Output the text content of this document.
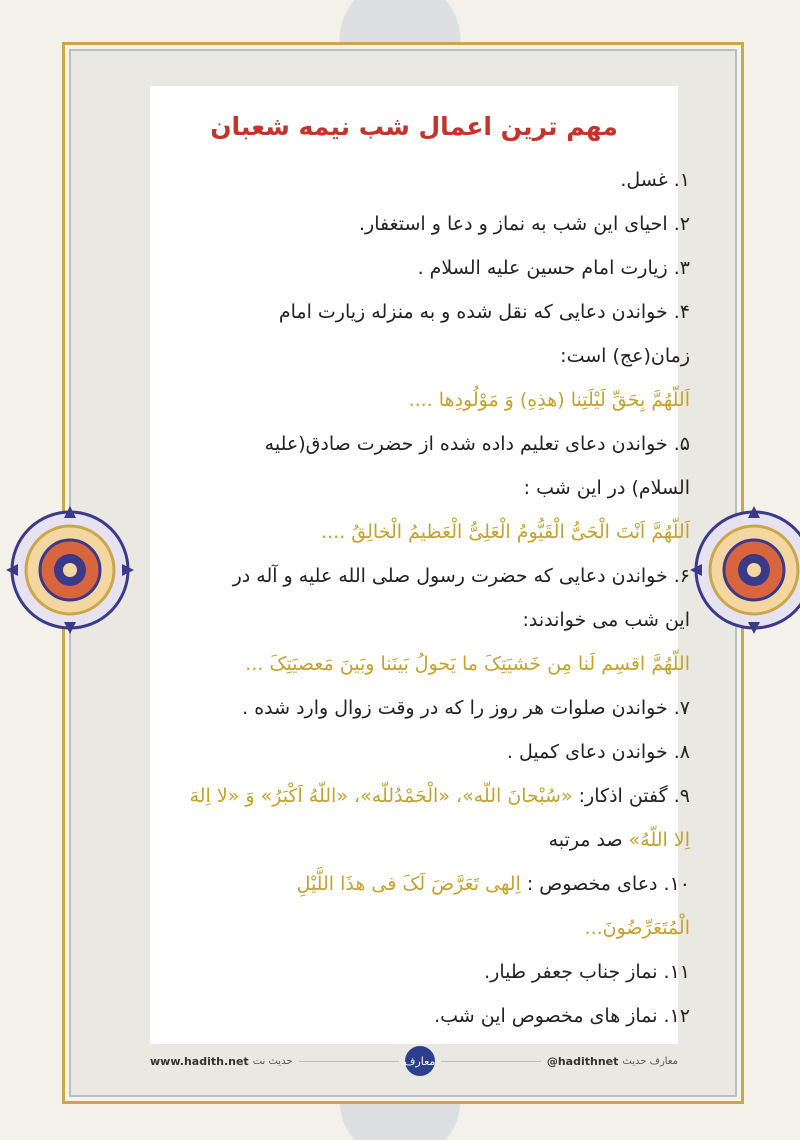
مهم ترین اعمال شب نیمه شعبان
۱. غسل.
۲. احیای این شب به نماز و دعا و استغفار.
۳. زیارت امام حسین علیه السلام .
۴. خواندن دعایی که نقل شده و به منزله زیارت امام
زمان(عج) است:
اَللّهُمَّ بِحَقِّ لَیْلَتِنا (هذِهِ) وَ مَوْلُودِها ....
۵. خواندن دعای تعلیم داده شده از حضرت صادق(علیه
السلام) در این شب :
اَللّهُمَّ اَنْتَ الْحَیُّ الْقَیُّومُ الْعَلِیُّ الْعَظیمُ الْخالِقُ ....
۶. خواندن دعایی که حضرت رسول صلی الله علیه و آله در
این شب می خواندند:
اللّهُمَّ اقسِم لَنا مِن خَشیَتِکَ ما یَحولُ بَینَنا وبَینَ مَعصیَتِکَ ...
۷. خواندن صلوات هر روز را که در وقت زوال وارد شده .
۸. خواندن دعای کمیل .
۹. گفتن اذکار: «سُبْحانَ اللّه»، «الْحَمْدُللّه»، «اللّهُ اَکْبَرُ» وَ «لا اِلهَ
اِلا اللّهُ» صد مرتبه
۱۰. دعای مخصوص : اِلهی تَعَرَّضَ لَکَ فی هذَا اللَّیْلِ
الْمُتَعَرِّضُونَ...
۱۱. نماز جناب جعفر طیار.
۱۲. نماز های مخصوص این شب.
www.hadith.net حدیث نت	معارف	@hadithnet معارف حدیث
